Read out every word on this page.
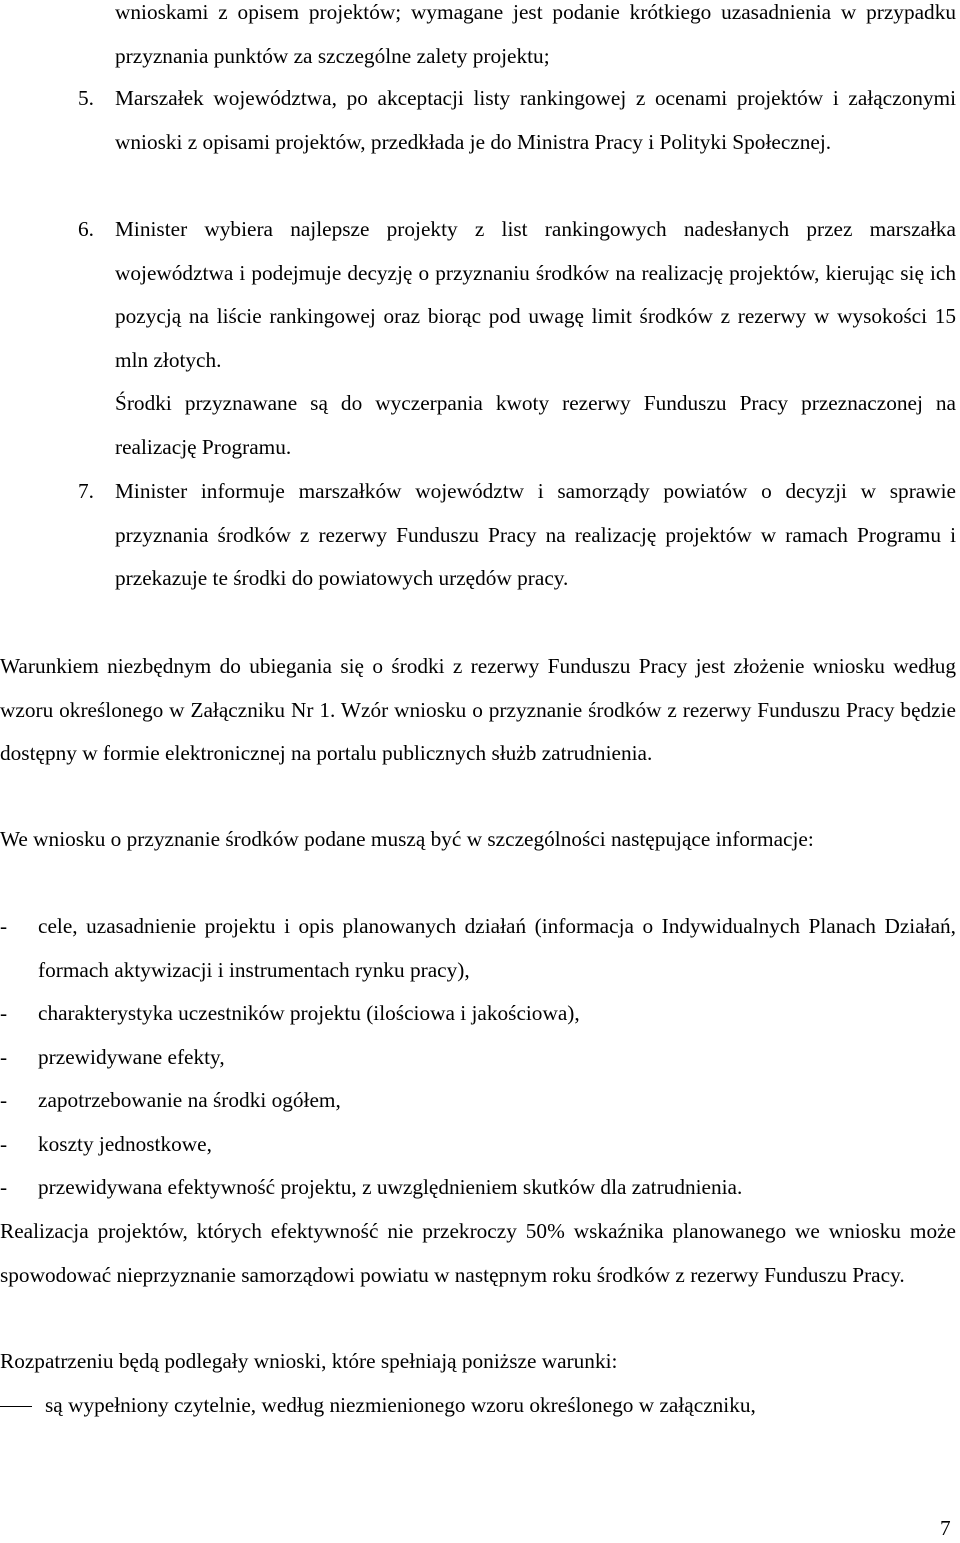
wnioskami z opisem projektów; wymagane jest podanie krótkiego uzasadnienia w przypadku przyznania punktów za szczególne zalety projektu;

5. Marszałek województwa, po akceptacji listy rankingowej z ocenami projektów i załączonymi wnioski z opisami projektów, przedkłada je do Ministra Pracy i Polityki Społecznej.

6. Minister wybiera najlepsze projekty z list rankingowych nadesłanych przez marszałka województwa i podejmuje decyzję o przyznaniu środków na realizację projektów, kierując się ich pozycją na liście rankingowej oraz biorąc pod uwagę limit środków z rezerwy w wysokości 15 mln złotych.

Środki przyznawane są do wyczerpania kwoty rezerwy Funduszu Pracy przeznaczonej na realizację Programu.

7. Minister informuje marszałków województw i samorządy powiatów o decyzji w sprawie przyznania środków z rezerwy Funduszu Pracy na realizację projektów w ramach Programu i przekazuje te środki do powiatowych urzędów pracy.

Warunkiem niezbędnym do ubiegania się o środki z rezerwy Funduszu Pracy jest złożenie wniosku według wzoru określonego w Załączniku Nr 1. Wzór wniosku o przyznanie środków z rezerwy Funduszu Pracy będzie dostępny w formie elektronicznej na portalu publicznych służb zatrudnienia.

We wniosku o przyznanie środków podane muszą być w szczególności następujące informacje:

- cele, uzasadnienie projektu i opis planowanych działań (informacja o Indywidualnych Planach Działań, formach aktywizacji i instrumentach rynku pracy),

- charakterystyka uczestników projektu (ilościowa i jakościowa),

- przewidywane efekty,

- zapotrzebowanie na środki ogółem,

- koszty jednostkowe,

- przewidywana efektywność projektu, z uwzględnieniem skutków dla zatrudnienia.

Realizacja projektów, których efektywność nie przekroczy 50% wskaźnika planowanego we wniosku może spowodować nieprzyznanie samorządowi powiatu w następnym roku środków z rezerwy Funduszu Pracy.

Rozpatrzeniu będą podlegały wnioski, które spełniają poniższe warunki:

są wypełniony czytelnie, według niezmienionego wzoru określonego w załączniku,

7
